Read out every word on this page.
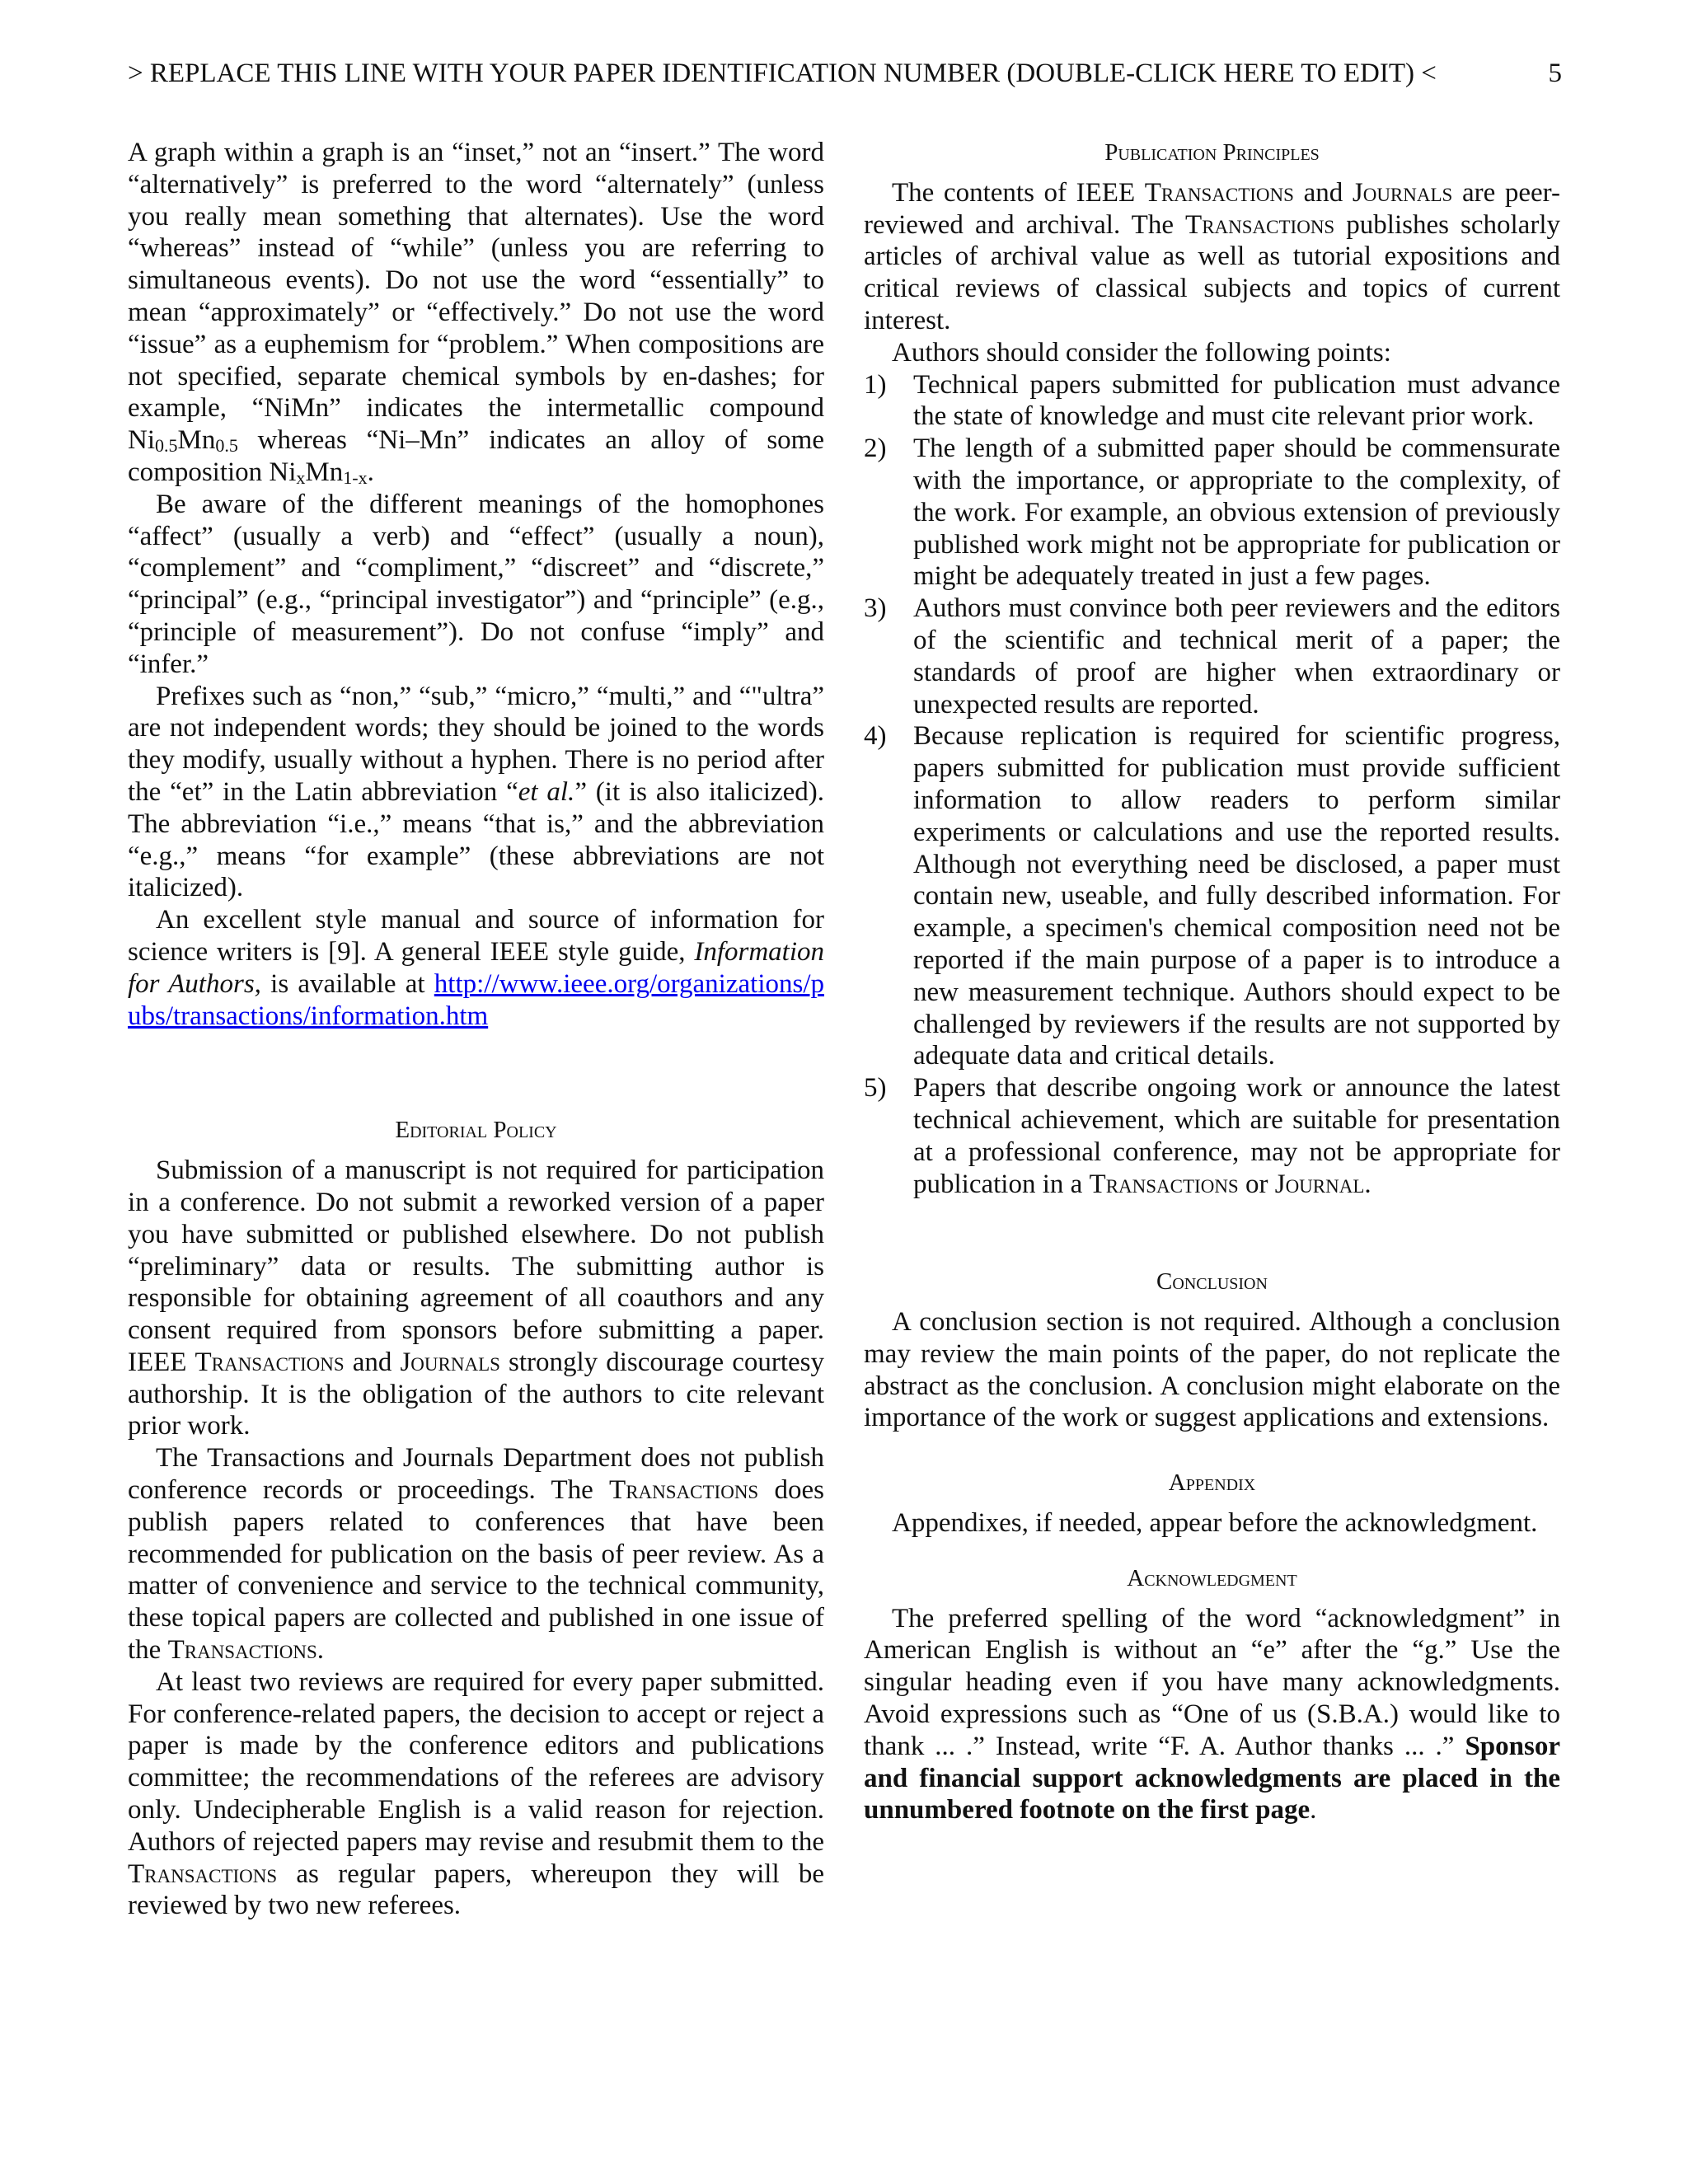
> REPLACE THIS LINE WITH YOUR PAPER IDENTIFICATION NUMBER (DOUBLE-CLICK HERE TO EDIT) <	5

A graph within a graph is an “inset,” not an “insert.” The word “alternatively” is preferred to the word “alternately” (unless you really mean something that alternates). Use the word “whereas” instead of “while” (unless you are referring to simultaneous events). Do not use the word “essentially” to mean “approximately” or “effectively.” Do not use the word “issue” as a euphemism for “problem.” When compositions are not specified, separate chemical symbols by en-dashes; for example, “NiMn” indicates the intermetallic compound $Ni_{0.5}Mn_{0.5}$ whereas “Ni–Mn” indicates an alloy of some composition $Ni_xMn_{1-x}$.

Be aware of the different meanings of the homophones “affect” (usually a verb) and “effect” (usually a noun), “complement” and “compliment,” “discreet” and “discrete,” “principal” (e.g., “principal investigator”) and “principle” (e.g., “principle of measurement”). Do not confuse “imply” and “infer.”

Prefixes such as “non,” “sub,” “micro,” “multi,” and “"ultra” are not independent words; they should be joined to the words they modify, usually without a hyphen. There is no period after the “et” in the Latin abbreviation “et al.” (it is also italicized). The abbreviation “i.e.,” means “that is,” and the abbreviation “e.g.,” means “for example” (these abbreviations are not italicized).

An excellent style manual and source of information for science writers is [9]. A general IEEE style guide, Information for Authors, is available at http://www.ieee.org/organizations/pubs/transactions/information.htm

Editorial Policy

Submission of a manuscript is not required for participation in a conference. Do not submit a reworked version of a paper you have submitted or published elsewhere. Do not publish “preliminary” data or results. The submitting author is responsible for obtaining agreement of all coauthors and any consent required from sponsors before submitting a paper. IEEE Transactions and Journals strongly discourage courtesy authorship. It is the obligation of the authors to cite relevant prior work.

The Transactions and Journals Department does not publish conference records or proceedings. The Transactions does publish papers related to conferences that have been recommended for publication on the basis of peer review. As a matter of convenience and service to the technical community, these topical papers are collected and published in one issue of the Transactions.

At least two reviews are required for every paper submitted. For conference-related papers, the decision to accept or reject a paper is made by the conference editors and publications committee; the recommendations of the referees are advisory only. Undecipherable English is a valid reason for rejection. Authors of rejected papers may revise and resubmit them to the Transactions as regular papers, whereupon they will be reviewed by two new referees.

Publication Principles

The contents of IEEE Transactions and Journals are peer-reviewed and archival. The Transactions publishes scholarly articles of archival value as well as tutorial expositions and critical reviews of classical subjects and topics of current interest.

Authors should consider the following points:

1) Technical papers submitted for publication must advance the state of knowledge and must cite relevant prior work.
2) The length of a submitted paper should be commensurate with the importance, or appropriate to the complexity, of the work. For example, an obvious extension of previously published work might not be appropriate for publication or might be adequately treated in just a few pages.
3) Authors must convince both peer reviewers and the editors of the scientific and technical merit of a paper; the standards of proof are higher when extraordinary or unexpected results are reported.
4) Because replication is required for scientific progress, papers submitted for publication must provide sufficient information to allow readers to perform similar experiments or calculations and use the reported results. Although not everything need be disclosed, a paper must contain new, useable, and fully described information. For example, a specimen's chemical composition need not be reported if the main purpose of a paper is to introduce a new measurement technique. Authors should expect to be challenged by reviewers if the results are not supported by adequate data and critical details.
5) Papers that describe ongoing work or announce the latest technical achievement, which are suitable for presentation at a professional conference, may not be appropriate for publication in a Transactions or Journal.
Conclusion

A conclusion section is not required. Although a conclusion may review the main points of the paper, do not replicate the abstract as the conclusion. A conclusion might elaborate on the importance of the work or suggest applications and extensions.

Appendix

Appendixes, if needed, appear before the acknowledgment.

Acknowledgment

The preferred spelling of the word “acknowledgment” in American English is without an “e” after the “g.” Use the singular heading even if you have many acknowledgments. Avoid expressions such as “One of us (S.B.A.) would like to thank ... .” Instead, write “F. A. Author thanks ... .” Sponsor and financial support acknowledgments are placed in the unnumbered footnote on the first page.
